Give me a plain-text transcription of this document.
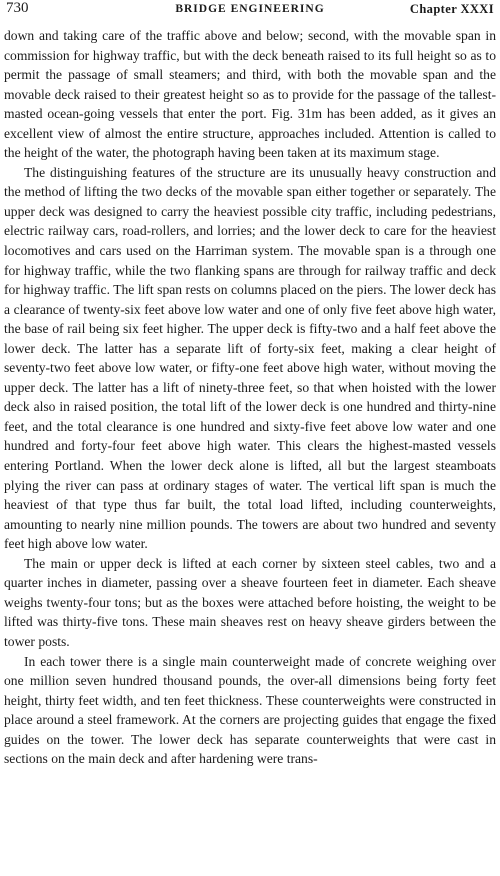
730	BRIDGE ENGINEERING	Chapter XXXI

down and taking care of the traffic above and below; second, with the movable span in commission for highway traffic, but with the deck beneath raised to its full height so as to permit the passage of small steamers; and third, with both the movable span and the movable deck raised to their greatest height so as to provide for the passage of the tallest-masted ocean-going vessels that enter the port. Fig. 31m has been added, as it gives an excellent view of almost the entire structure, approaches included. Attention is called to the height of the water, the photograph having been taken at its maximum stage.

The distinguishing features of the structure are its unusually heavy construction and the method of lifting the two decks of the movable span either together or separately. The upper deck was designed to carry the heaviest possible city traffic, including pedestrians, electric railway cars, road-rollers, and lorries; and the lower deck to care for the heaviest locomotives and cars used on the Harriman system. The movable span is a through one for highway traffic, while the two flanking spans are through for railway traffic and deck for highway traffic. The lift span rests on columns placed on the piers. The lower deck has a clearance of twenty-six feet above low water and one of only five feet above high water, the base of rail being six feet higher. The upper deck is fifty-two and a half feet above the lower deck. The latter has a separate lift of forty-six feet, making a clear height of seventy-two feet above low water, or fifty-one feet above high water, without moving the upper deck. The latter has a lift of ninety-three feet, so that when hoisted with the lower deck also in raised position, the total lift of the lower deck is one hundred and thirty-nine feet, and the total clearance is one hundred and sixty-five feet above low water and one hundred and forty-four feet above high water. This clears the highest-masted vessels entering Portland. When the lower deck alone is lifted, all but the largest steamboats plying the river can pass at ordinary stages of water. The vertical lift span is much the heaviest of that type thus far built, the total load lifted, including counterweights, amounting to nearly nine million pounds. The towers are about two hundred and seventy feet high above low water.

The main or upper deck is lifted at each corner by sixteen steel cables, two and a quarter inches in diameter, passing over a sheave fourteen feet in diameter. Each sheave weighs twenty-four tons; but as the boxes were attached before hoisting, the weight to be lifted was thirty-five tons. These main sheaves rest on heavy sheave girders between the tower posts.

In each tower there is a single main counterweight made of concrete weighing over one million seven hundred thousand pounds, the over-all dimensions being forty feet height, thirty feet width, and ten feet thickness. These counterweights were constructed in place around a steel framework. At the corners are projecting guides that engage the fixed guides on the tower. The lower deck has separate counterweights that were cast in sections on the main deck and after hardening were trans-
